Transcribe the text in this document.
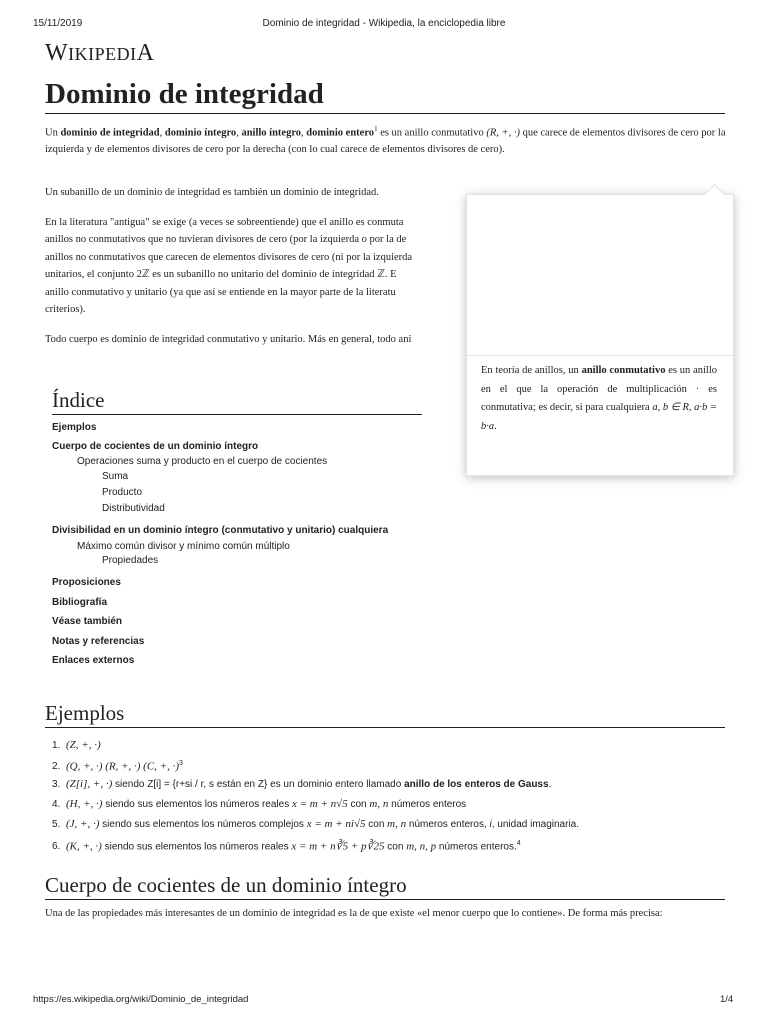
15/11/2019	Dominio de integridad - Wikipedia, la enciclopedia libre
WIKIPEDIA
Dominio de integridad

Un dominio de integridad, dominio íntegro, anillo íntegro, dominio entero$^1$ es un anillo conmutativo (R, +, ·) que carece de elementos divisores de cero por la izquierda y de elementos divisores de cero por la derecha (con lo cual carece de elementos divisores de cero).

Un subanillo de un dominio de integridad es también un dominio de integridad.

En la literatura "antigua" se exige (a veces se sobreentiende) que el anillo es conmuta
anillos no conmutativos que no tuvieran divisores de cero (por la izquierda o por la de
anillos no conmutativos que carecen de elementos divisores de cero (ni por la izquierda
unitarios, el conjunto 2ℤ es un subanillo no unitario del dominio de integridad ℤ. E
anillo conmutativo y unitario (ya que así se entiende en la mayor parte de la literatu
criterios).

Todo cuerpo es dominio de integridad conmutativo y unitario. Más en general, todo ani

En teoría de anillos, un anillo conmutativo es un anillo en el que la operación de multiplicación · es conmutativa; es decir, si para cualquiera a, b ∈ R, a·b = b·a.
Índice
Ejemplos
Cuerpo de cocientes de un dominio íntegro
Operaciones suma y producto en el cuerpo de cocientes
Suma
Producto
Distributividad
Divisibilidad en un dominio íntegro (conmutativo y unitario) cualquiera
Máximo común divisor y mínimo común múltiplo
Propiedades
Proposiciones
Bibliografía
Véase también
Notas y referencias
Enlaces externos
Ejemplos
1. (Z, +, ·)
2. (Q, +, ·) (R, +, ·) (C, +, ·)$^3$
3. (Z[i], +, ·) siendo Z[i] = {r+si / r, s están en Z} es un dominio entero llamado anillo de los enteros de Gauss.
4. (H, +, ·) siendo sus elementos los números reales x = m + n√5 con m, n números enteros
5. (J, +, ·) siendo sus elementos los números complejos x = m + ni√5 con m, n números enteros, i, unidad imaginaria.
6. (K, +, ·) siendo sus elementos los números reales x = m + n∛5 + p∛25 con m, n, p números enteros.$^4$
Cuerpo de cocientes de un dominio íntegro

Una de las propiedades más interesantes de un dominio de integridad es la de que existe «el menor cuerpo que lo contiene». De forma más precisa:

https://es.wikipedia.org/wiki/Dominio_de_integridad	1/4
